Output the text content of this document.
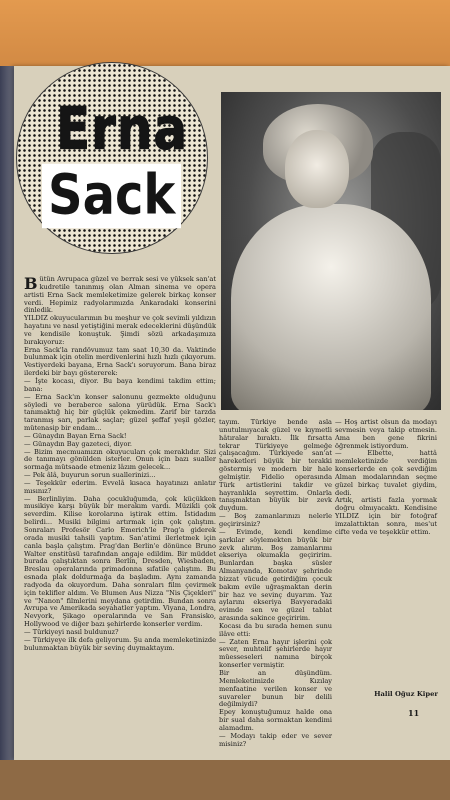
Erna
Sack

Bütün Avrupaca güzel ve berrak sesi ve yüksek san'at kudretile tanınmış olan Alman sinema ve opera artisti Erna Sack memleketimize gelerek birkaç konser verdi. Hepimiz radyolarımızda Ankaradaki konserini dinledik.

YILDIZ okuyucularımın bu meşhur ve çok sevimli yıldızın hayatını ve nasıl yetiştiğini merak edeceklerini düşündük ve kendisile konuştuk. Şimdi sözü arkadaşımıza bırakıyoruz:

Erna Sack'la randövumuz tam saat 10,30 da. Vaktinde bulunmak için otelin merdivenlerini hızlı hızlı çıkıyorum. Vestiyerdeki bayana, Erna Sack'ı soruyorum. Bana biraz ilerdeki bir bayı göstererek:

— İşte kocası, diyor. Bu baya kendimi takdim ettim; bana:

— Erna Sack'ın konser salonunu gezmekte olduğunu söyledi ve beraberce salona yürüdük. Erna Sack'ı tanımaktığ hiç bir güçlük çekmedim. Zarif bir tarzda taranmış sarı, parlak saçlar; güzel şeffaf yeşil gözler, mütenasip bir endam...

— Günaydın Bayan Erna Sack!

— Günaydın Bay gazeteci, diyor.

— Bizim mecmuamızın okuyucuları çok meraklıdır. Sizi de tanımayı gönülden isterler. Onun için bazı sualler sormağa mütsaade etmeniz lâzım gelecek...

— Pek âlâ, buyurun sorun suallerinizi...

— Teşekkür ederim. Evvelâ kısaca hayatınızı anlatır mısınız?

— Berlinliyim. Daha çocukluğumda, çok küçükken musikiye karşı büyük bir merakım vardı. Müzikli çok severdim. Kilise korolarına iştirak ettim. İstidadım belirdi... Musiki bilgimi artırmak için çok çalıştım. Sonraları Profesör Carlo Emerich'le Prag'a giderek orada musiki tahsili yaptım. San'atimi ilerletmek için canla başla çalıştım. Prag'dan Berlin'e dönünce Bruno Walter enstitüsü tarafından angaje edildim. Bir müddet burada çalıştıktan sonra Berlin, Dresden, Wiesbaden, Breslau operalarında primadonna sıfatile çalıştım. Bu esnada plak doldurmağa da başladım. Aynı zamanda radyoda da okuyordum. Daha sonraları film çevirmek için teklifler aldım. Ve Blumen Aus Nizza "Nis Çiçekleri" ve "Nanon" filmlerini meydana getirdim. Bundan sonra Avrupa ve Amerikada seyahatler yaptım. Viyana, Londra, Nevyork, Şikago operalarında ve San Fransisko, Hollywood ve diğer bazı şehirlerde konserler verdim.

— Türkiyeyi nasıl buldunuz?

— Türkiyeye ilk defa geliyorum. Şu anda memleketinizde bulunmaktan büyük bir sevinç duymaktayım.

tayım. Türkiye bende asla unutulmıyacak güzel ve kıymetli hâtıralar bıraktı. İlk fırsatta tekrar Türkiyeye gelmeğe çalışacağım. Türkiyede san'at hareketleri büyük bir terakki göstermiş ve modern bir hale gelmiştir. Fidelio operasında Türk artistlerini takdir ve hayranlıkla seyrettim. Onlarla tanışmaktan büyük bir zevk duydum.

— Boş zamanlarınızı nelerle geçirirsiniz?

— Evimde, kendi kendime şarkılar söylemekten büyük bir zevk alırım. Boş zamanlarımı ekseriya okumakla geçiririm. Bunlardan başka süsler Almanyanda, Komotav şehrinde bizzat vücude getirdiğim çocuk bakım evile uğraşmaktan derin bir haz ve sevinç duyarım. Yaz aylarını ekseriya Bavyeradaki evimde sen ve güzel tablat arasında sakince geçiririm.

Kocası da bu sırada hemen sunu ilâve etti:

— Zaten Erna hayır işlerini çok sever, muhtelif şehirlerde hayır müesseseleri namına birçok konserler vermiştir.

Bir an düşündüm. Memleketimizde Kızılay menfaatine verilen konser ve suvareler bunun bir delili değilmiydi?

Epey konuştuğumuz halde ona bir sual daha sormaktan kendimi alamadım.

— Modayı takip eder ve sever misiniz?

— Hoş artist olsun da modayı sevmesin veya takip etmesin. Ama ben gene fikrini öğrenmek istiyordum.

— Elbette, hattâ memleketinizde verdiğim konserlerde en çok sevdiğim Alman modalarından seçme güzel birkaç tuvalet giydim, dedi.

Artık, artisti fazla yormak doğru olmıyacaktı. Kendisine YILDIZ için bir fotoğraf imzalattıktan sonra, mes'ut cifte veda ve teşekkür ettim.

Halil Oğuz Kiper
11
